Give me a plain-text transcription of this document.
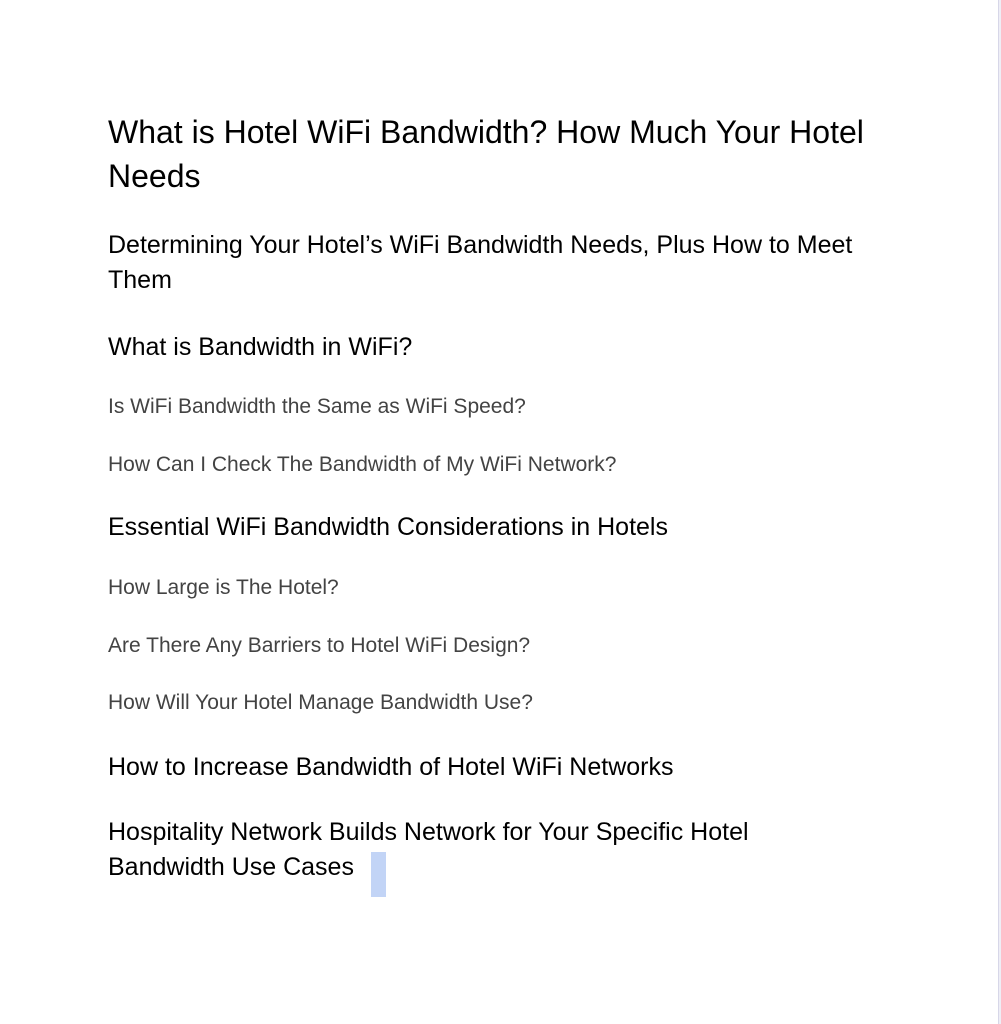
What is Hotel WiFi Bandwidth? How Much Your Hotel Needs
Determining Your Hotel’s WiFi Bandwidth Needs, Plus How to Meet Them
What is Bandwidth in WiFi?
Is WiFi Bandwidth the Same as WiFi Speed?
How Can I Check The Bandwidth of My WiFi Network?
Essential WiFi Bandwidth Considerations in Hotels
How Large is The Hotel?
Are There Any Barriers to Hotel WiFi Design?
How Will Your Hotel Manage Bandwidth Use?
How to Increase Bandwidth of Hotel WiFi Networks
Hospitality Network Builds Network for Your Specific Hotel Bandwidth Use Cases
